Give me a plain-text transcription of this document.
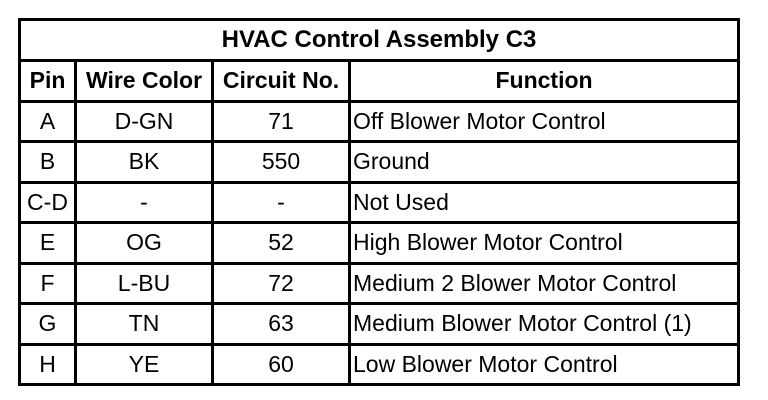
HVAC Control Assembly C3			
Pin	Wire Color	Circuit No.	Function
A	D-GN	71	Off Blower Motor Control
B	BK	550	Ground
C-D	-	-	Not Used
E	OG	52	High Blower Motor Control
F	L-BU	72	Medium 2 Blower Motor Control
G	TN	63	Medium Blower Motor Control (1)
H	YE	60	Low Blower Motor Control
